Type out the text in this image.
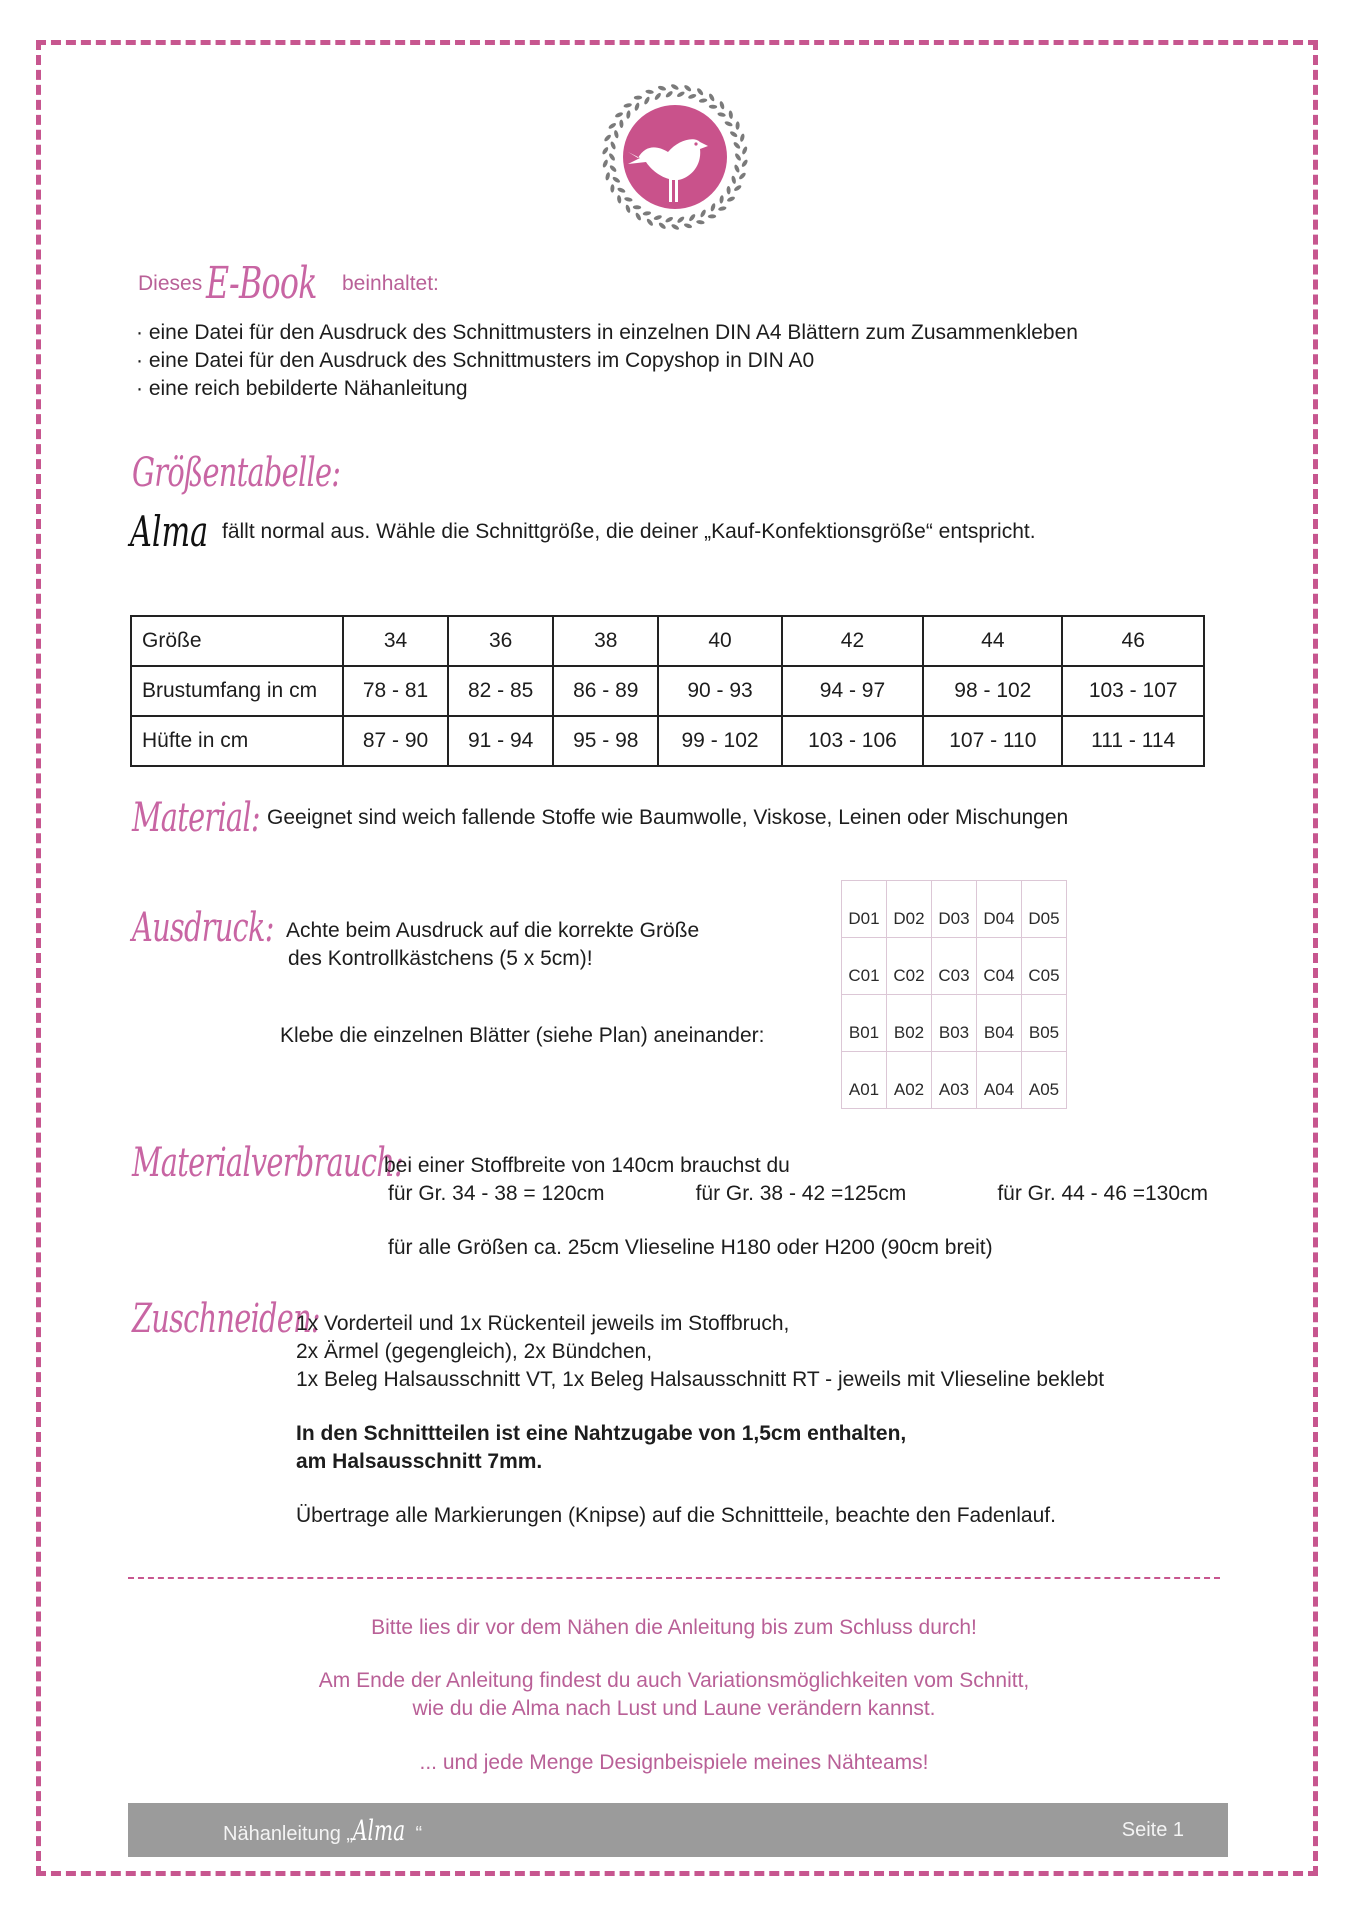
Dieses E-Book beinhaltet:
· eine Datei für den Ausdruck des Schnittmusters in einzelnen DIN A4 Blättern zum Zusammenkleben
· eine Datei für den Ausdruck des Schnittmusters im Copyshop in DIN A0
· eine reich bebilderte Nähanleitung
Größentabelle:
Alma fällt normal aus. Wähle die Schnittgröße, die deiner „Kauf-Konfektionsgröße“ entspricht.
Größe	34	36	38	40	42	44	46
Brustumfang in cm	78 - 81	82 - 85	86 - 89	90 - 93	94 - 97	98 - 102	103 - 107
Hüfte in cm	87 - 90	91 - 94	95 - 98	99 - 102	103 - 106	107 - 110	111 - 114
Material: Geeignet sind weich fallende Stoffe wie Baumwolle, Viskose, Leinen oder Mischungen
Ausdruck: Achte beim Ausdruck auf die korrekte Größe
des Kontrollkästchens (5 x 5cm)!
Klebe die einzelnen Blätter (siehe Plan) aneinander:
D01 D02 D03 D04 D05
C01 C02 C03 C04 C05
B01 B02 B03 B04 B05
A01 A02 A03 A04 A05
Materialverbrauch:
bei einer Stoffbreite von 140cm brauchst du
für Gr. 34 - 38 = 120cm	für Gr. 38 - 42 =125cm	für Gr. 44 - 46 =130cm
für alle Größen ca. 25cm Vlieseline H180 oder H200 (90cm breit)
Zuschneiden:
1x Vorderteil und 1x Rückenteil jeweils im Stoffbruch,
2x Ärmel (gegengleich), 2x Bündchen,
1x Beleg Halsausschnitt VT, 1x Beleg Halsausschnitt RT - jeweils mit Vlieseline beklebt
In den Schnittteilen ist eine Nahtzugabe von 1,5cm enthalten,
am Halsausschnitt 7mm.
Übertrage alle Markierungen (Knipse) auf die Schnittteile, beachte den Fadenlauf.
Bitte lies dir vor dem Nähen die Anleitung bis zum Schluss durch!
Am Ende der Anleitung findest du auch Variationsmöglichkeiten vom Schnitt,
wie du die Alma nach Lust und Laune verändern kannst.
... und jede Menge Designbeispiele meines Nähteams!
Nähanleitung „Alma “	Seite 1
